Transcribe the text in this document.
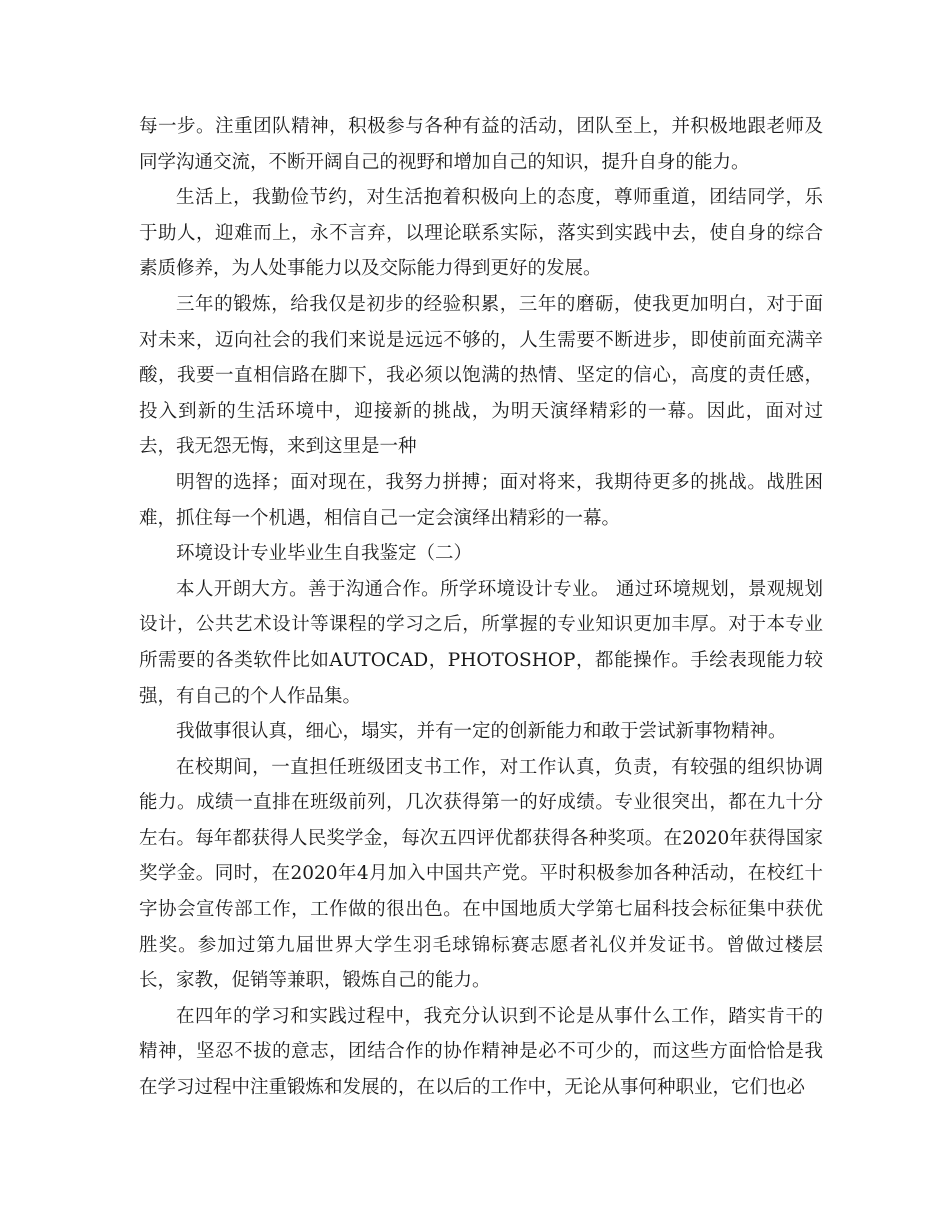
每一步。注重团队精神，积极参与各种有益的活动，团队至上，并积极地跟老师及同学沟通交流，不断开阔自己的视野和增加自己的知识，提升自身的能力。

生活上，我勤俭节约，对生活抱着积极向上的态度，尊师重道，团结同学，乐于助人，迎难而上，永不言弃，以理论联系实际，落实到实践中去，使自身的综合素质修养，为人处事能力以及交际能力得到更好的发展。

三年的锻炼，给我仅是初步的经验积累，三年的磨砺，使我更加明白，对于面对未来，迈向社会的我们来说是远远不够的，人生需要不断进步，即使前面充满辛酸，我要一直相信路在脚下，我必须以饱满的热情、坚定的信心，高度的责任感，投入到新的生活环境中，迎接新的挑战，为明天演绎精彩的一幕。因此，面对过去，我无怨无悔，来到这里是一种

明智的选择；面对现在，我努力拼搏；面对将来，我期待更多的挑战。战胜困难，抓住每一个机遇，相信自己一定会演绎出精彩的一幕。

环境设计专业毕业生自我鉴定（二）

本人开朗大方。善于沟通合作。所学环境设计专业。 通过环境规划，景观规划设计，公共艺术设计等课程的学习之后，所掌握的专业知识更加丰厚。对于本专业所需要的各类软件比如AUTOCAD，PHOTOSHOP，都能操作。手绘表现能力较强，有自己的个人作品集。

我做事很认真，细心，塌实，并有一定的创新能力和敢于尝试新事物精神。

在校期间，一直担任班级团支书工作，对工作认真，负责，有较强的组织协调能力。成绩一直排在班级前列，几次获得第一的好成绩。专业很突出，都在九十分左右。每年都获得人民奖学金，每次五四评优都获得各种奖项。在2020年获得国家奖学金。同时，在2020年4月加入中国共产党。平时积极参加各种活动，在校红十字协会宣传部工作，工作做的很出色。在中国地质大学第七届科技会标征集中获优胜奖。参加过第九届世界大学生羽毛球锦标赛志愿者礼仪并发证书。曾做过楼层长，家教，促销等兼职，锻炼自己的能力。

在四年的学习和实践过程中，我充分认识到不论是从事什么工作，踏实肯干的精神，坚忍不拔的意志，团结合作的协作精神是必不可少的，而这些方面恰恰是我在学习过程中注重锻炼和发展的，在以后的工作中，无论从事何种职业，它们也必
